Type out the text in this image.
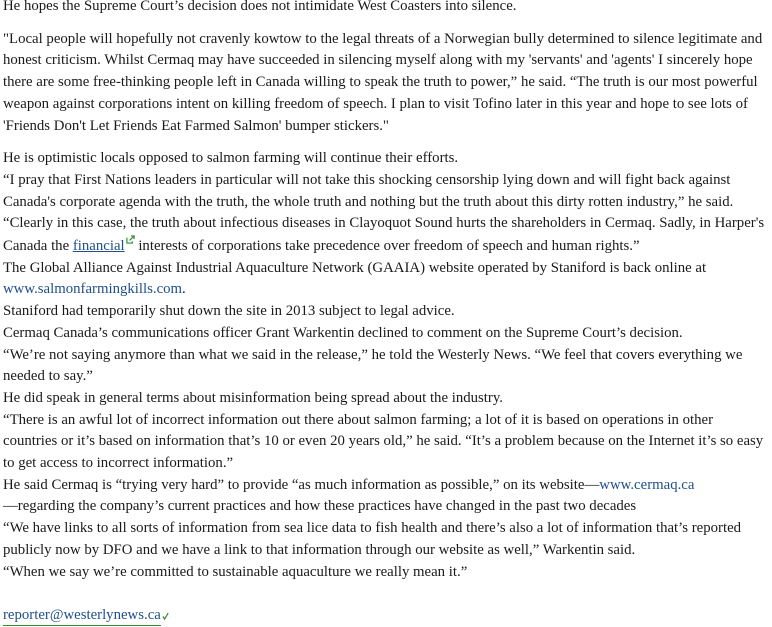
He hopes the Supreme Court’s decision does not intimidate West Coasters into silence.

"Local people will hopefully not cravenly kowtow to the legal threats of a Norwegian bully determined to silence legitimate and honest criticism. Whilst Cermaq may have succeeded in silencing myself along with my 'servants' and 'agents' I sincerely hope there are some free-thinking people left in Canada willing to speak the truth to power,” he said. “The truth is our most powerful weapon against corporations intent on killing freedom of speech. I plan to visit Tofino later in this year and hope to see lots of 'Friends Don't Let Friends Eat Farmed Salmon' bumper stickers."

He is optimistic locals opposed to salmon farming will continue their efforts.

“I pray that First Nations leaders in particular will not take this shocking censorship lying down and will fight back against Canada's corporate agenda with the truth, the whole truth and nothing but the truth about this dirty rotten industry,” he said. “Clearly in this case, the truth about infectious diseases in Clayoquot Sound hurts the shareholders in Cermaq. Sadly, in Harper's Canada the financial interests of corporations take precedence over freedom of speech and human rights.”

The Global Alliance Against Industrial Aquaculture Network (GAAIA) website operated by Staniford is back online at www.salmonfarmingkills.com.

Staniford had temporarily shut down the site in 2013 subject to legal advice.

Cermaq Canada’s communications officer Grant Warkentin declined to comment on the Supreme Court’s decision.

“We’re not saying anymore than what we said in the release,” he told the Westerly News. “We feel that covers everything we needed to say.”

He did speak in general terms about misinformation being spread about the industry.

“There is an awful lot of incorrect information out there about salmon farming; a lot of it is based on operations in other countries or it’s based on information that’s 10 or even 20 years old,” he said. “It’s a problem because on the Internet it’s so easy to get access to incorrect information.”

He said Cermaq is “trying very hard” to provide “as much information as possible,” on its website—www.cermaq.ca

—regarding the company’s current practices and how these practices have changed in the past two decades

“We have links to all sorts of information from sea lice data to fish health and there’s also a lot of information that’s reported publicly now by DFO and we have a link to that information through our website as well,” Warkentin said.

“When we say we’re committed to sustainable aquaculture we really mean it.”

reporter@westerlynews.ca
